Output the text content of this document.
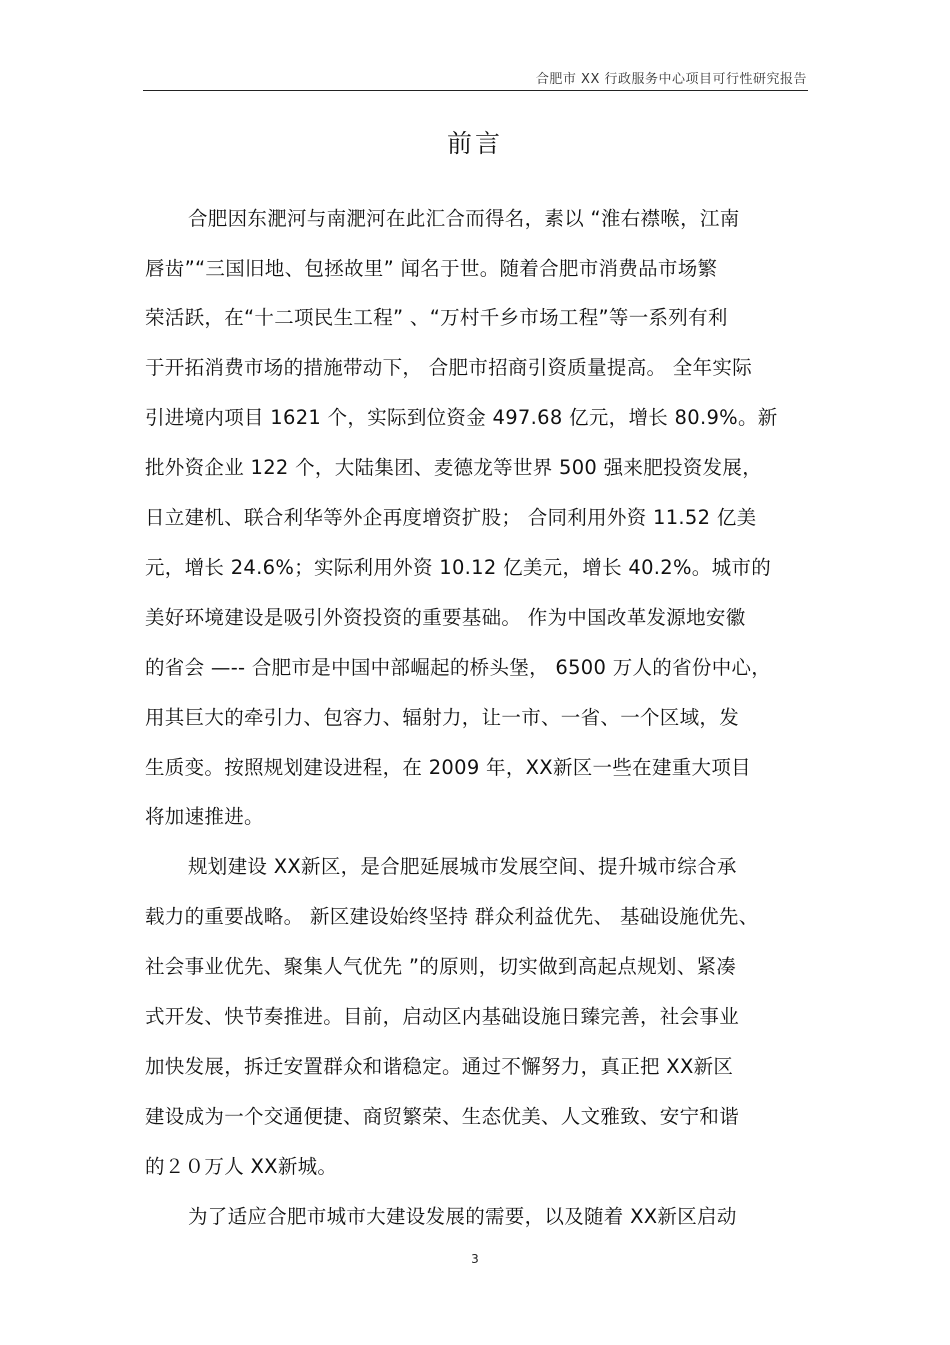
合肥市 XX 行政服务中心项目可行性研究报告
前言
合肥因东淝河与南淝河在此汇合而得名，素以 “淮右襟喉，江南
唇齿”“三国旧地、包拯故里” 闻名于世。随着合肥市消费品市场繁
荣活跃，在“十二项民生工程” 、“万村千乡市场工程”等一系列有利
于开拓消费市场的措施带动下， 合肥市招商引资质量提高。 全年实际
引进境内项目 1621 个，实际到位资金 497.68 亿元，增长 80.9%。新
批外资企业 122 个，大陆集团、麦德龙等世界 500 强来肥投资发展，
日立建机、联合利华等外企再度增资扩股； 合同利用外资 11.52 亿美
元，增长 24.6%；实际利用外资 10.12 亿美元，增长 40.2%。城市的
美好环境建设是吸引外资投资的重要基础。 作为中国改革发源地安徽
的省会 —-- 合肥市是中国中部崛起的桥头堡， 6500 万人的省份中心，
用其巨大的牵引力、包容力、辐射力，让一市、一省、一个区域，发
生质变。按照规划建设进程，在 2009 年，XX新区一些在建重大项目
将加速推进。
规划建设 XX新区，是合肥延展城市发展空间、提升城市综合承
载力的重要战略。 新区建设始终坚持 群众利益优先、 基础设施优先、
社会事业优先、聚集人气优先 ”的原则，切实做到高起点规划、紧凑
式开发、快节奏推进。目前，启动区内基础设施日臻完善，社会事业
加快发展，拆迁安置群众和谐稳定。通过不懈努力，真正把 XX新区
建设成为一个交通便捷、商贸繁荣、生态优美、人文雅致、安宁和谐
的２０万人 XX新城。
为了适应合肥市城市大建设发展的需要，以及随着 XX新区启动
3
